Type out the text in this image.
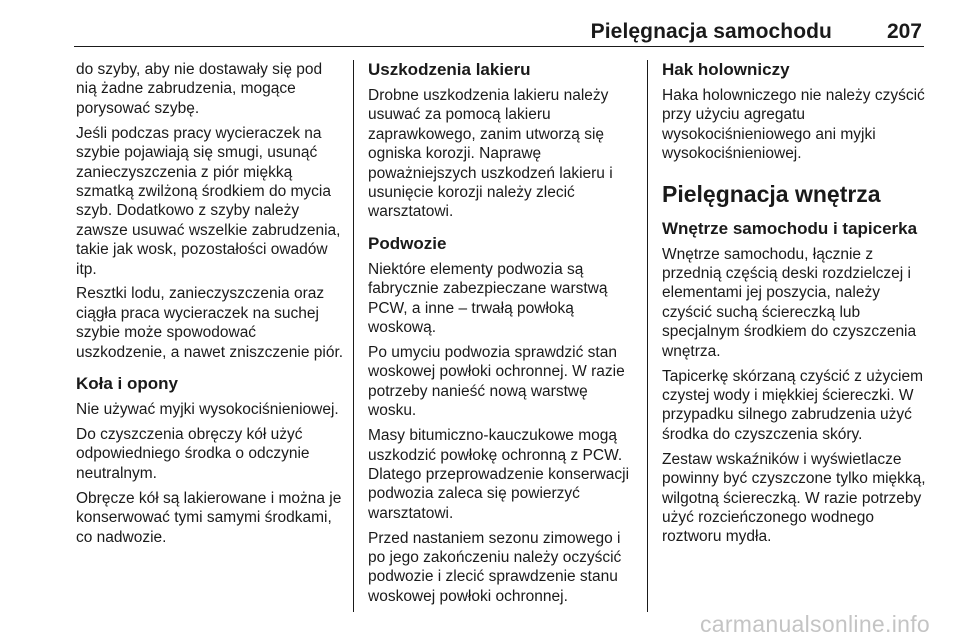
Pielęgnacja samochodu	207

do szyby, aby nie dostawały się pod nią żadne zabrudzenia, mogące porysować szybę.

Jeśli podczas pracy wycieraczek na szybie pojawiają się smugi, usunąć zanieczyszczenia z piór miękką szmatką zwilżoną środkiem do mycia szyb. Dodatkowo z szyby należy zawsze usuwać wszelkie zabrudzenia, takie jak wosk, pozostałości owadów itp.

Resztki lodu, zanieczyszczenia oraz ciągła praca wycieraczek na suchej szybie może spowodować uszkodzenie, a nawet zniszczenie piór.

Koła i opony

Nie używać myjki wysokociśnieniowej.

Do czyszczenia obręczy kół użyć odpowiedniego środka o odczynie neutralnym.

Obręcze kół są lakierowane i można je konserwować tymi samymi środkami, co nadwozie.

Uszkodzenia lakieru

Drobne uszkodzenia lakieru należy usuwać za pomocą lakieru zaprawkowego, zanim utworzą się ogniska korozji. Naprawę poważniejszych uszkodzeń lakieru i usunięcie korozji należy zlecić warsztatowi.

Podwozie

Niektóre elementy podwozia są fabrycznie zabezpieczane warstwą PCW, a inne – trwałą powłoką woskową.

Po umyciu podwozia sprawdzić stan woskowej powłoki ochronnej. W razie potrzeby nanieść nową warstwę wosku.

Masy bitumiczno-kauczukowe mogą uszkodzić powłokę ochronną z PCW. Dlatego przeprowadzenie konserwacji podwozia zaleca się powierzyć warsztatowi.

Przed nastaniem sezonu zimowego i po jego zakończeniu należy oczyścić podwozie i zlecić sprawdzenie stanu woskowej powłoki ochronnej.

Hak holowniczy

Haka holowniczego nie należy czyścić przy użyciu agregatu wysokociśnieniowego ani myjki wysokociśnieniowej.

Pielęgnacja wnętrza
Wnętrze samochodu i tapicerka

Wnętrze samochodu, łącznie z przednią częścią deski rozdzielczej i elementami jej poszycia, należy czyścić suchą ściereczką lub specjalnym środkiem do czyszczenia wnętrza.

Tapicerkę skórzaną czyścić z użyciem czystej wody i miękkiej ściereczki. W przypadku silnego zabrudzenia użyć środka do czyszczenia skóry.

Zestaw wskaźników i wyświetlacze powinny być czyszczone tylko miękką, wilgotną ściereczką. W razie potrzeby użyć rozcieńczonego wodnego roztworu mydła.

carmanualsonline.info
